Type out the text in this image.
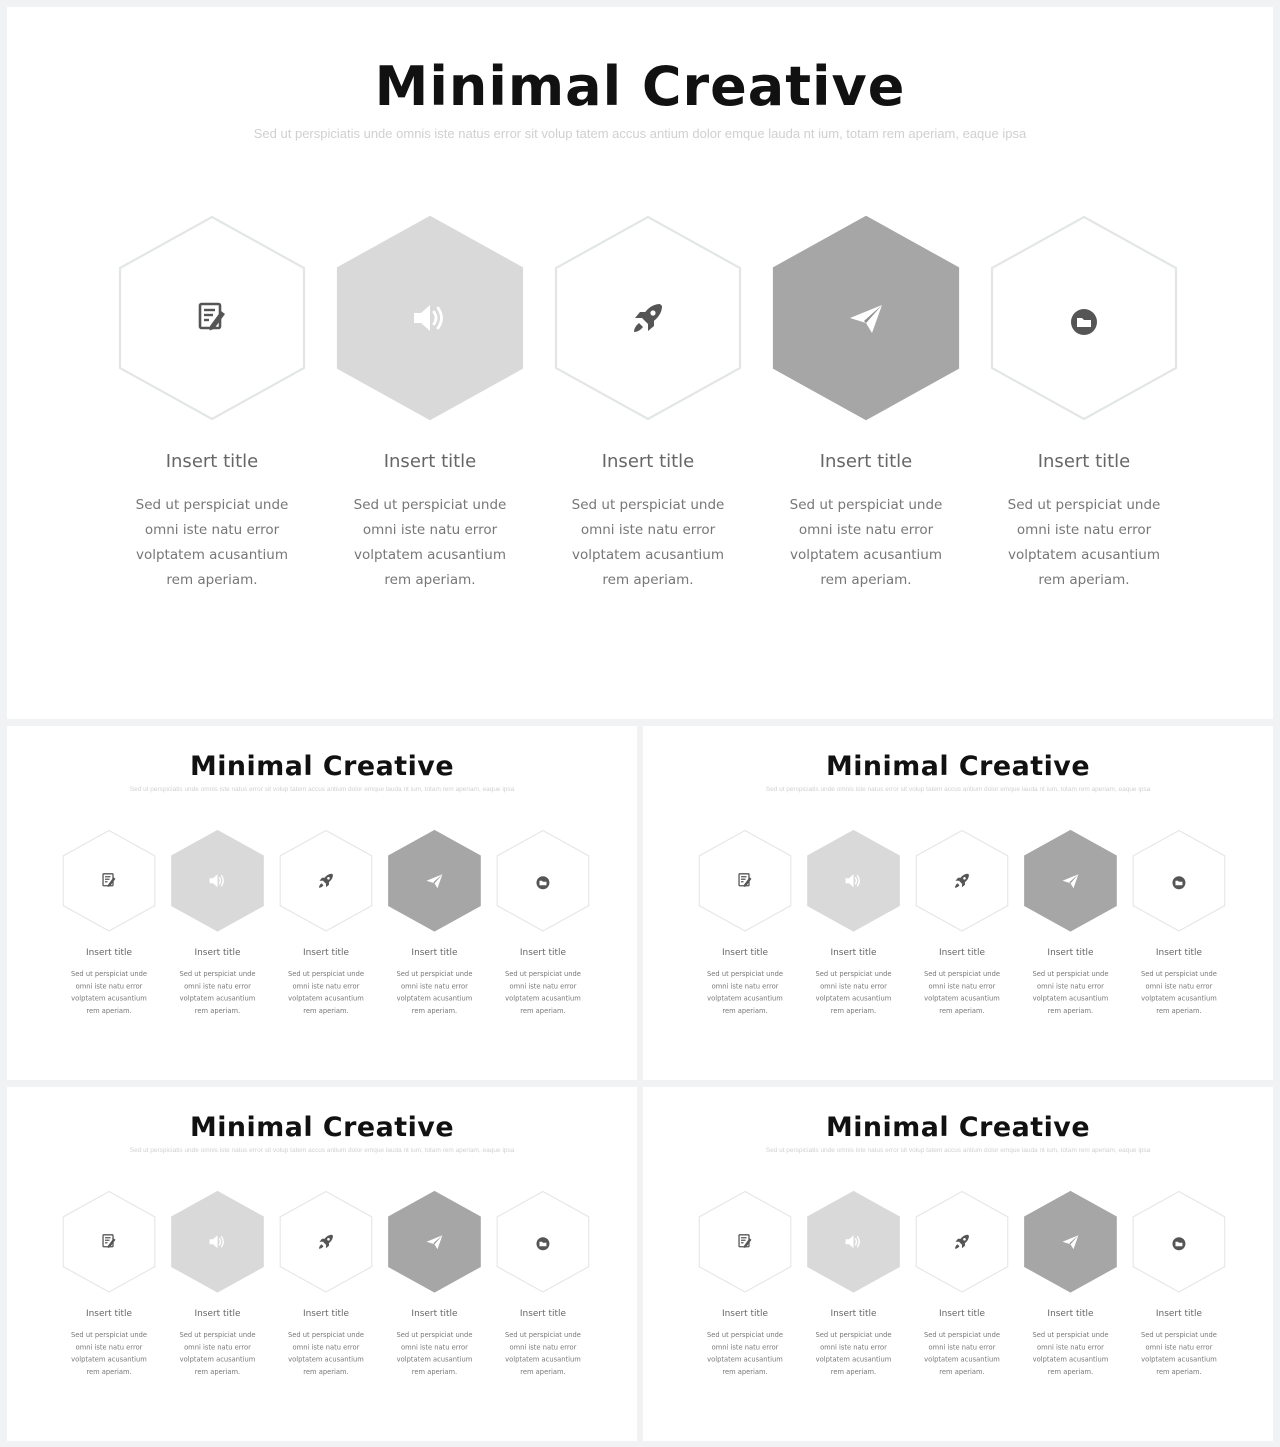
Minimal Creative

Sed ut perspiciatis unde omnis iste natus error sit volup tatem accus antium dolor emque lauda nt ium, totam rem aperiam, eaque ipsa

Insert title
Sed ut perspiciat unde
omni iste natu error
volptatem acusantium
rem aperiam.
Insert title
Sed ut perspiciat unde
omni iste natu error
volptatem acusantium
rem aperiam.
Insert title
Sed ut perspiciat unde
omni iste natu error
volptatem acusantium
rem aperiam.
Insert title
Sed ut perspiciat unde
omni iste natu error
volptatem acusantium
rem aperiam.
Insert title
Sed ut perspiciat unde
omni iste natu error
volptatem acusantium
rem aperiam.
Minimal Creative

Sed ut perspiciatis unde omnis iste natus error sit volup tatem accus antium dolor emque lauda nt ium, totam rem aperiam, eaque ipsa

Insert title
Sed ut perspiciat unde
omni iste natu error
volptatem acusantium
rem aperiam.
Insert title
Sed ut perspiciat unde
omni iste natu error
volptatem acusantium
rem aperiam.
Insert title
Sed ut perspiciat unde
omni iste natu error
volptatem acusantium
rem aperiam.
Insert title
Sed ut perspiciat unde
omni iste natu error
volptatem acusantium
rem aperiam.
Insert title
Sed ut perspiciat unde
omni iste natu error
volptatem acusantium
rem aperiam.
Minimal Creative

Sed ut perspiciatis unde omnis iste natus error sit volup tatem accus antium dolor emque lauda nt ium, totam rem aperiam, eaque ipsa

Insert title
Sed ut perspiciat unde
omni iste natu error
volptatem acusantium
rem aperiam.
Insert title
Sed ut perspiciat unde
omni iste natu error
volptatem acusantium
rem aperiam.
Insert title
Sed ut perspiciat unde
omni iste natu error
volptatem acusantium
rem aperiam.
Insert title
Sed ut perspiciat unde
omni iste natu error
volptatem acusantium
rem aperiam.
Insert title
Sed ut perspiciat unde
omni iste natu error
volptatem acusantium
rem aperiam.
Minimal Creative

Sed ut perspiciatis unde omnis iste natus error sit volup tatem accus antium dolor emque lauda nt ium, totam rem aperiam, eaque ipsa

Insert title
Sed ut perspiciat unde
omni iste natu error
volptatem acusantium
rem aperiam.
Insert title
Sed ut perspiciat unde
omni iste natu error
volptatem acusantium
rem aperiam.
Insert title
Sed ut perspiciat unde
omni iste natu error
volptatem acusantium
rem aperiam.
Insert title
Sed ut perspiciat unde
omni iste natu error
volptatem acusantium
rem aperiam.
Insert title
Sed ut perspiciat unde
omni iste natu error
volptatem acusantium
rem aperiam.
Minimal Creative

Sed ut perspiciatis unde omnis iste natus error sit volup tatem accus antium dolor emque lauda nt ium, totam rem aperiam, eaque ipsa

Insert title
Sed ut perspiciat unde
omni iste natu error
volptatem acusantium
rem aperiam.
Insert title
Sed ut perspiciat unde
omni iste natu error
volptatem acusantium
rem aperiam.
Insert title
Sed ut perspiciat unde
omni iste natu error
volptatem acusantium
rem aperiam.
Insert title
Sed ut perspiciat unde
omni iste natu error
volptatem acusantium
rem aperiam.
Insert title
Sed ut perspiciat unde
omni iste natu error
volptatem acusantium
rem aperiam.
